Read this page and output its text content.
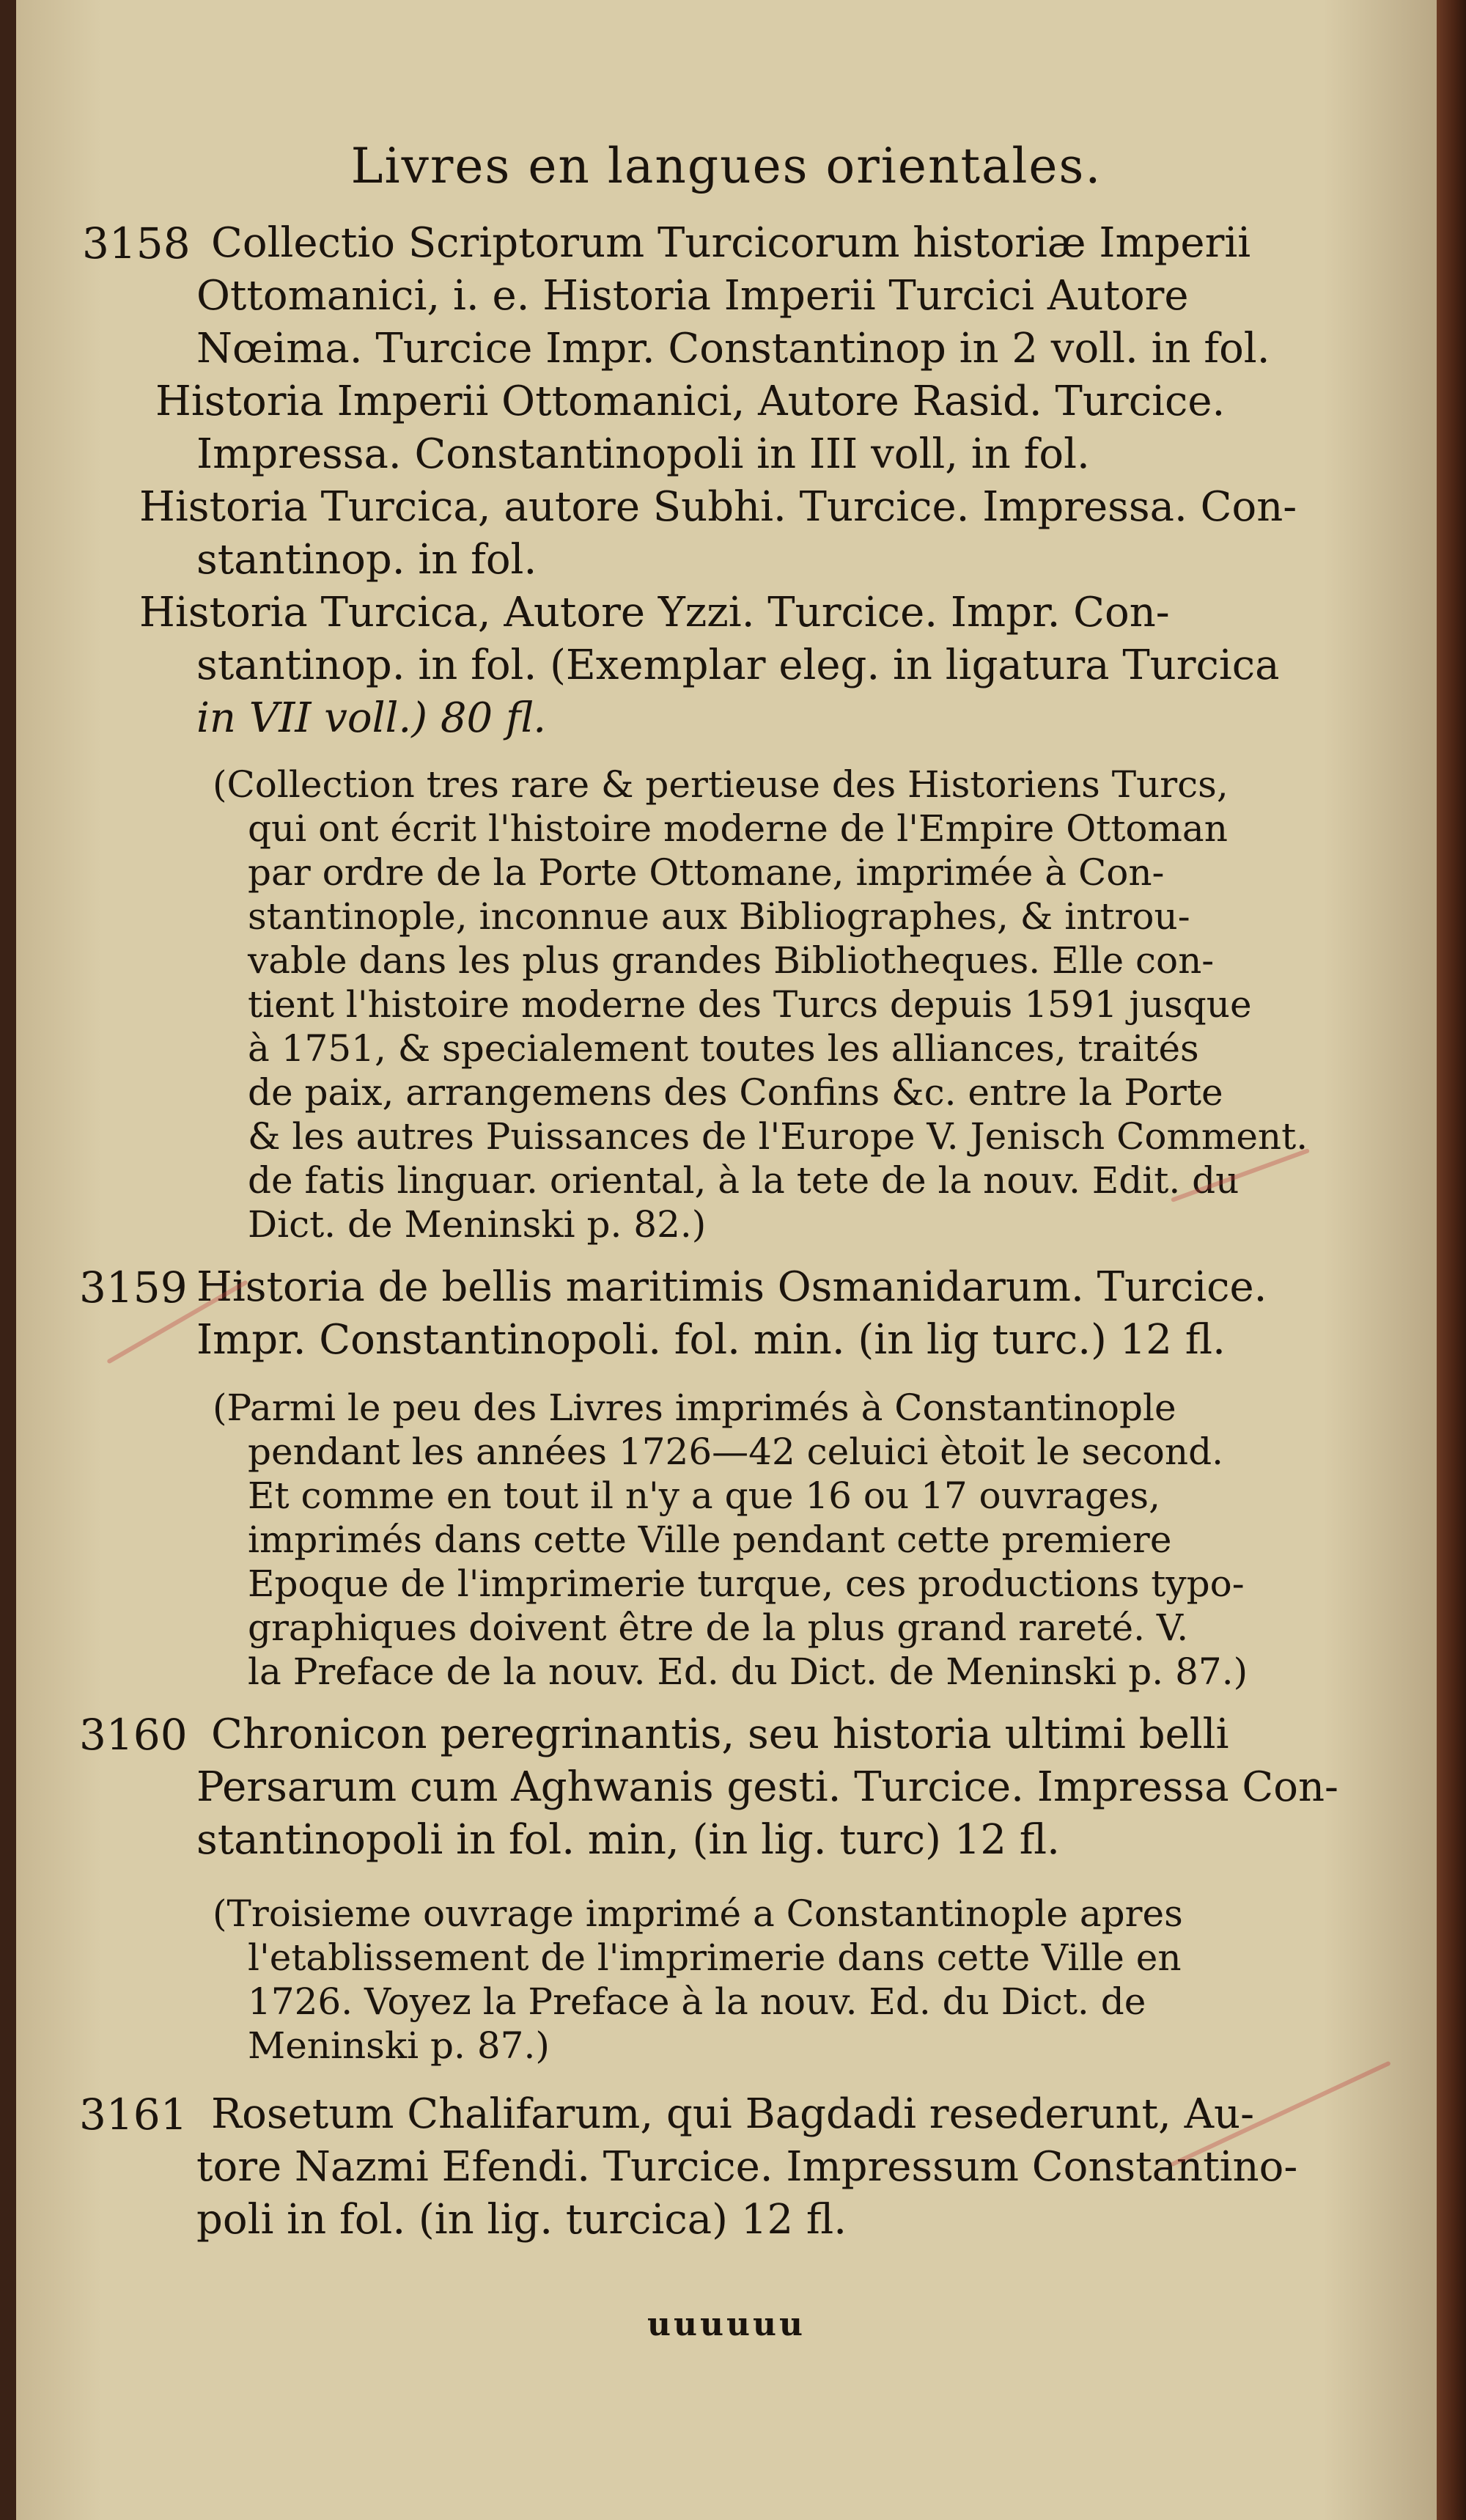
Livres en langues orientales.
3158 Collectio Scriptorum Turcicorum historiæ Imperii
Ottomanici, i. e. Historia Imperii Turcici Autore
Nœima. Turcice Impr. Constantinop in 2 voll. in fol.
Historia Imperii Ottomanici, Autore Rasid. Turcice.
Impressa. Constantinopoli in III voll, in fol.
Historia Turcica, autore Subhi. Turcice. Impressa. Con-
stantinop. in fol.
Historia Turcica, Autore Yzzi. Turcice. Impr. Con-
stantinop. in fol. (Exemplar eleg. in ligatura Turcica
in VII voll.) 80 fl.
(Collection tres rare & pertieuse des Historiens Turcs,
qui ont écrit l'histoire moderne de l'Empire Ottoman
par ordre de la Porte Ottomane, imprimée à Con-
stantinople, inconnue aux Bibliographes, & introu-
vable dans les plus grandes Bibliotheques. Elle con-
tient l'histoire moderne des Turcs depuis 1591 jusque
à 1751, & specialement toutes les alliances, traités
de paix, arrangemens des Confins &c. entre la Porte
& les autres Puissances de l'Europe V. Jenisch Comment.
de fatis linguar. oriental, à la tete de la nouv. Edit. du
Dict. de Meninski p. 82.)
3159 Historia de bellis maritimis Osmanidarum. Turcice.
Impr. Constantinopoli. fol. min. (in lig turc.) 12 fl.
(Parmi le peu des Livres imprimés à Constantinople
pendant les années 1726—42 celuici ètoit le second.
Et comme en tout il n'y a que 16 ou 17 ouvrages,
imprimés dans cette Ville pendant cette premiere
Epoque de l'imprimerie turque, ces productions typo-
graphiques doivent être de la plus grand rareté. V.
la Preface de la nouv. Ed. du Dict. de Meninski p. 87.)
3160 Chronicon peregrinantis, seu historia ultimi belli
Persarum cum Aghwanis gesti. Turcice. Impressa Con-
stantinopoli in fol. min, (in lig. turc) 12 fl.
(Troisieme ouvrage imprimé a Constantinople apres
l'etablissement de l'imprimerie dans cette Ville en
1726. Voyez la Preface à la nouv. Ed. du Dict. de
Meninski p. 87.)
3161 Rosetum Chalifarum, qui Bagdadi resederunt, Au-
tore Nazmi Efendi. Turcice. Impressum Constantino-
poli in fol. (in lig. turcica) 12 fl.
uuuuuu
